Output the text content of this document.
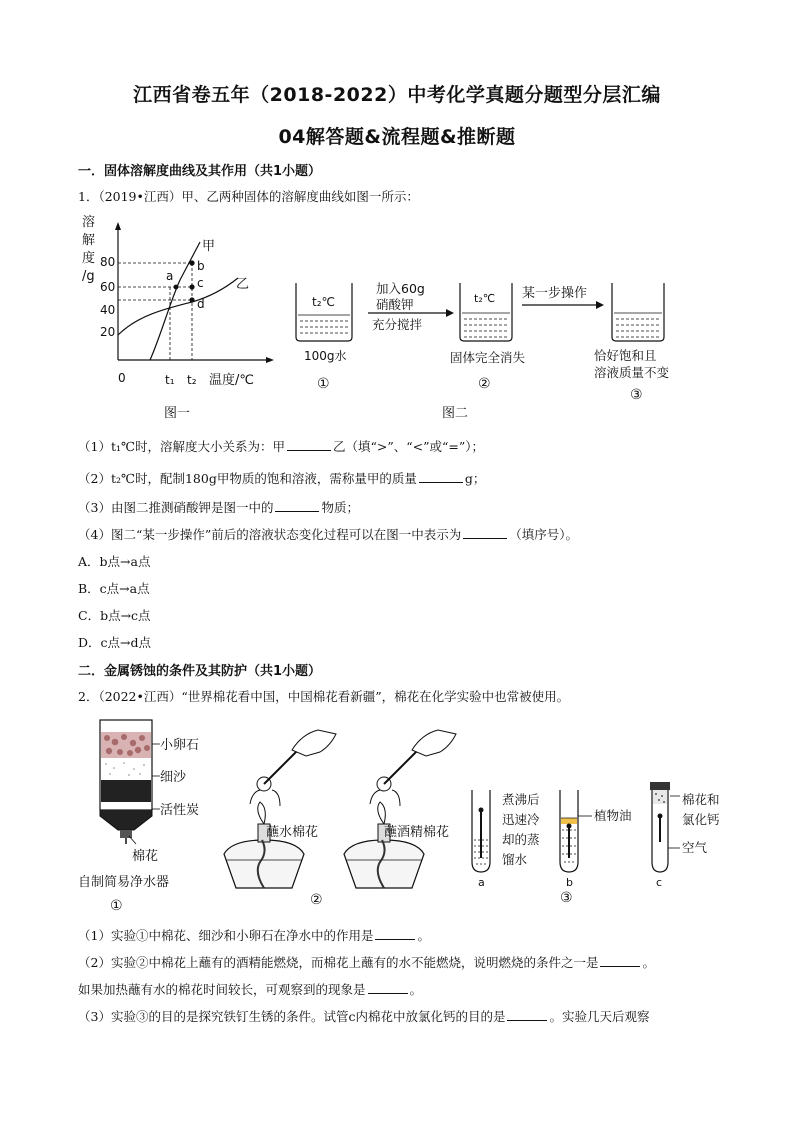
江西省卷五年（2018-2022）中考化学真题分题型分层汇编
04解答题&流程题&推断题
一．固体溶解度曲线及其作用（共1小题）
1．（2019•江西）甲、乙两种固体的溶解度曲线如图一所示：
溶
解
度
/g
80
60
40
20
0	t₁ t₂ 温度/℃
a
b
c
d
甲
乙
图一
t₂℃
100g水
①
加入60g
硝酸钾
充分搅拌
t₂℃
固体完全消失
②
某一步操作
恰好饱和且
溶液质量不变
③
图二
（1）t₁℃时，溶解度大小关系为：甲	乙（填“>”、“<”或“=”）；
（2）t₂℃时，配制180g甲物质的饱和溶液，需称量甲的质量	g；
（3）由图二推测硝酸钾是图一中的	物质；
（4）图二“某一步操作”前后的溶液状态变化过程可以在图一中表示为	（填序号）。
A．b点→a点
B．c点→a点
C．b点→c点
D．c点→d点
二．金属锈蚀的条件及其防护（共1小题）
2．（2022•江西）“世界棉花看中国，中国棉花看新疆”，棉花在化学实验中也常被使用。
小卵石
细沙
活性炭
棉花
自制简易净水器
①
蘸水棉花	蘸酒精棉花
②
煮沸后
迅速冷
却的蒸
馏水
植物油
棉花和
氯化钙
空气
a	b	c
③
（1）实验①中棉花、细沙和小卵石在净水中的作用是	。
（2）实验②中棉花上蘸有的酒精能燃烧，而棉花上蘸有的水不能燃烧，说明燃烧的条件之一是	。
如果加热蘸有水的棉花时间较长，可观察到的现象是	。
（3）实验③的目的是探究铁钉生锈的条件。试管c内棉花中放氯化钙的目的是	。实验几天后观察
